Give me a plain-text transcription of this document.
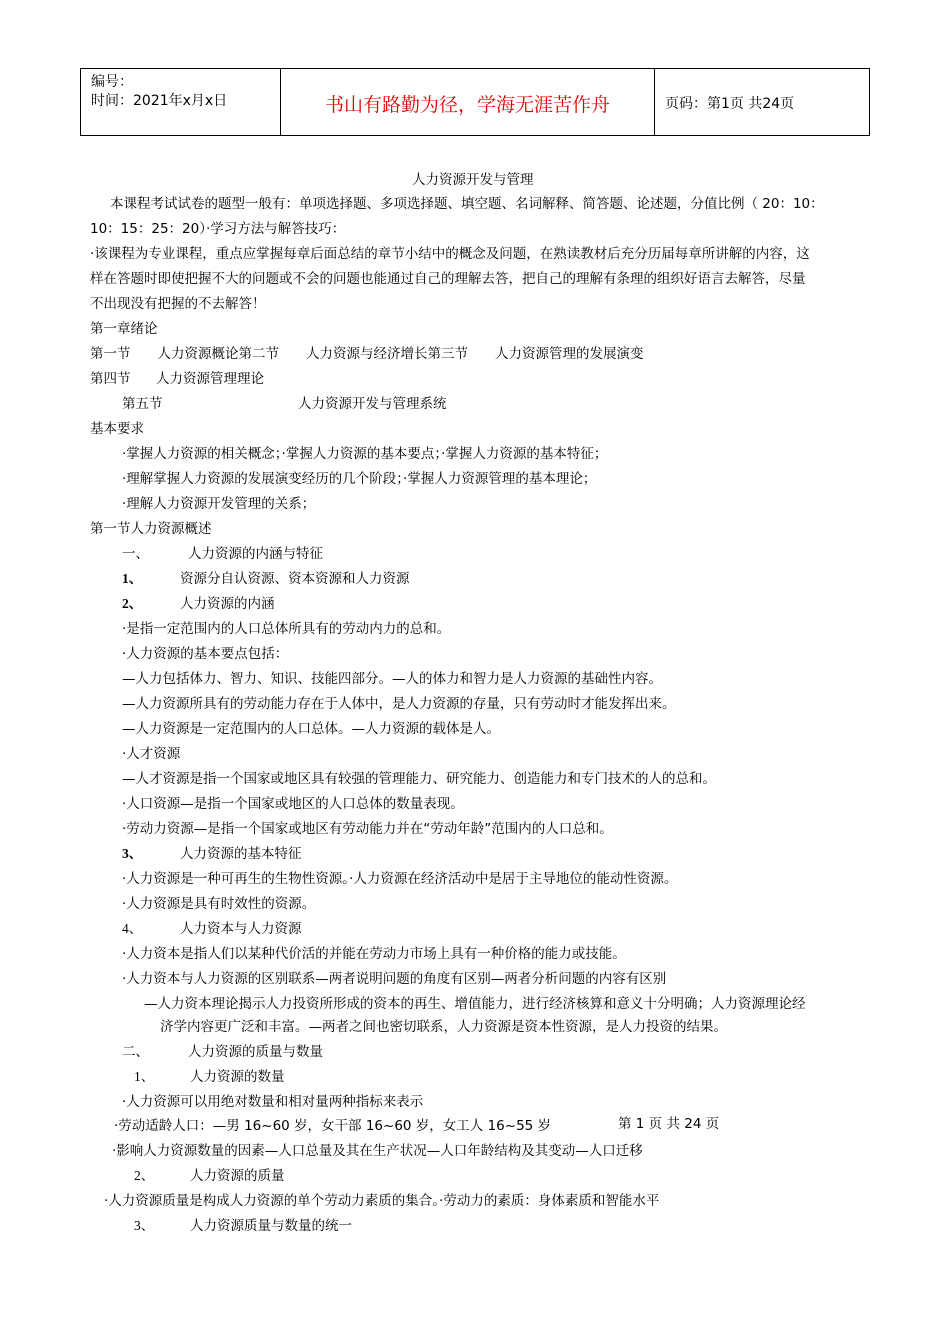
编号：
时间：2021年x月x日	书山有路勤为径，学海无涯苦作舟	页码：第1页 共24页
人力资源开发与管理
本课程考试试卷的题型一般有：单项选择题、多项选择题、填空题、名词解释、简答题、论述题，分值比例（ 20：10：
10：15：25：20）·学习方法与解答技巧：
·该课程为专业课程，重点应掌握每章后面总结的章节小结中的概念及问题，在熟读教材后充分历届每章所讲解的内容，这
样在答题时即使把握不大的问题或不会的问题也能通过自己的理解去答，把自己的理解有条理的组织好语言去解答，尽量
不出现没有把握的不去解答！
第一章绪论
第一节　　人力资源概论第二节　　人力资源与经济增长第三节　　人力资源管理的发展演变
第四节 人力资源管理理论
第五节	人力资源开发与管理系统
基本要求
·掌握人力资源的相关概念；·掌握人力资源的基本要点；·掌握人力资源的基本特征；
·理解掌握人力资源的发展演变经历的几个阶段；·掌握人力资源管理的基本理论；
·理解人力资源开发管理的关系；
第一节人力资源概述
一、	人力资源的内涵与特征
1、	资源分自认资源、资本资源和人力资源
2、	人力资源的内涵
·是指一定范围内的人口总体所具有的劳动内力的总和。
·人力资源的基本要点包括：
—人力包括体力、智力、知识、技能四部分。—人的体力和智力是人力资源的基础性内容。
—人力资源所具有的劳动能力存在于人体中，是人力资源的存量，只有劳动时才能发挥出来。
—人力资源是一定范围内的人口总体。—人力资源的载体是人。
·人才资源
—人才资源是指一个国家或地区具有较强的管理能力、研究能力、创造能力和专门技术的人的总和。
·人口资源—是指一个国家或地区的人口总体的数量表现。
·劳动力资源—是指一个国家或地区有劳动能力并在“劳动年龄”范围内的人口总和。
3、	人力资源的基本特征
·人力资源是一种可再生的生物性资源。·人力资源在经济活动中是居于主导地位的能动性资源。
·人力资源是具有时效性的资源。
4、	人力资本与人力资源
·人力资本是指人们以某种代价活的并能在劳动力市场上具有一种价格的能力或技能。
·人力资本与人力资源的区别联系—两者说明问题的角度有区别—两者分析问题的内容有区别
—人力资本理论揭示人力投资所形成的资本的再生、增值能力，进行经济核算和意义十分明确；人力资源理论经
济学内容更广泛和丰富。—两者之间也密切联系，人力资源是资本性资源，是人力投资的结果。
二、	人力资源的质量与数量
1、	人力资源的数量
·人力资源可以用绝对数量和相对量两种指标来表示
·劳动适龄人口：—男 16~60 岁，女干部 16~60 岁，女工人 16~55 岁	第 1 页 共 24 页
·影响人力资源数量的因素—人口总量及其在生产状况—人口年龄结构及其变动—人口迁移
2、	人力资源的质量
·人力资源质量是构成人力资源的单个劳动力素质的集合。·劳动力的素质：身体素质和智能水平
3、	人力资源质量与数量的统一
